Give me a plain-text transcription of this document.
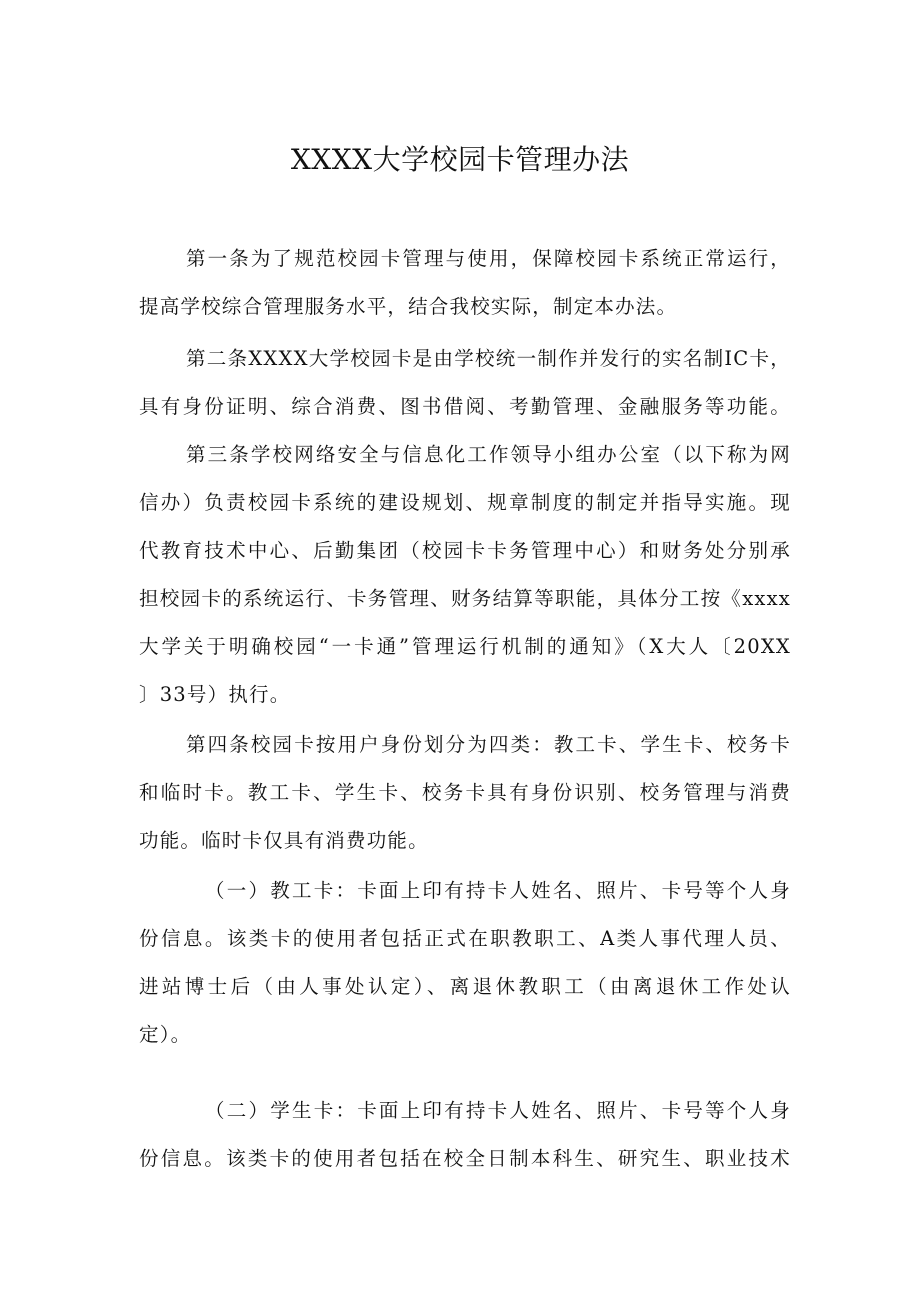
XXXX大学校园卡管理办法
第一条为了规范校园卡管理与使用，保障校园卡系统正常运行，
提高学校综合管理服务水平，结合我校实际，制定本办法。
第二条XXXX大学校园卡是由学校统一制作并发行的实名制IC卡，
具有身份证明、综合消费、图书借阅、考勤管理、金融服务等功能。
第三条学校网络安全与信息化工作领导小组办公室（以下称为网
信办）负责校园卡系统的建设规划、规章制度的制定并指导实施。现
代教育技术中心、后勤集团（校园卡卡务管理中心）和财务处分别承
担校园卡的系统运行、卡务管理、财务结算等职能，具体分工按《xxxx
大学关于明确校园“一卡通”管理运行机制的通知》（X大人〔20XX
〕33号）执行。
第四条校园卡按用户身份划分为四类：教工卡、学生卡、校务卡
和临时卡。教工卡、学生卡、校务卡具有身份识别、校务管理与消费
功能。临时卡仅具有消费功能。
（一）教工卡：卡面上印有持卡人姓名、照片、卡号等个人身
份信息。该类卡的使用者包括正式在职教职工、A类人事代理人员、
进站博士后（由人事处认定）、离退休教职工（由离退休工作处认
定）。
（二）学生卡：卡面上印有持卡人姓名、照片、卡号等个人身
份信息。该类卡的使用者包括在校全日制本科生、研究生、职业技术
